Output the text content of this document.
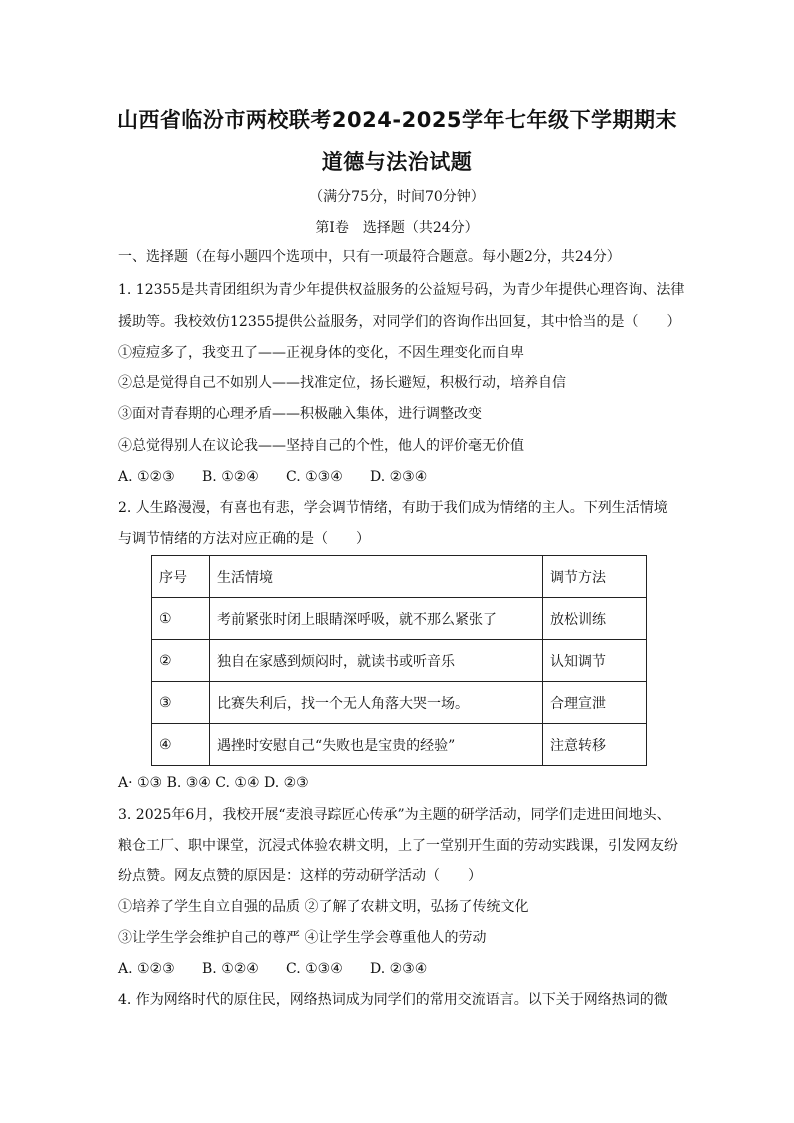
山西省临汾市两校联考2024-2025学年七年级下学期期末
道德与法治试题
（满分75分，时间70分钟）
第Ⅰ卷　选择题（共24分）
一、选择题（在每小题四个选项中，只有一项最符合题意。每小题2分，共24分）
1. 12355是共青团组织为青少年提供权益服务的公益短号码，为青少年提供心理咨询、法律
援助等。我校效仿12355提供公益服务，对同学们的咨询作出回复，其中恰当的是（　　）
①痘痘多了，我变丑了——正视身体的变化，不因生理变化而自卑
②总是觉得自己不如别人——找准定位，扬长避短，积极行动，培养自信
③面对青春期的心理矛盾——积极融入集体，进行调整改变
④总觉得别人在议论我——坚持自己的个性，他人的评价毫无价值
A. ①②③ B. ①②④ C. ①③④ D. ②③④
2. 人生路漫漫，有喜也有悲，学会调节情绪，有助于我们成为情绪的主人。下列生活情境
与调节情绪的方法对应正确的是（　　）
序号	生活情境	调节方法
①	考前紧张时闭上眼睛深呼吸，就不那么紧张了	放松训练
②	独自在家感到烦闷时，就读书或听音乐	认知调节
③	比赛失利后，找一个无人角落大哭一场。	合理宣泄
④	遇挫时安慰自己“失败也是宝贵的经验”	注意转移
A· ①③ B. ③④ C. ①④ D. ②③
3. 2025年6月，我校开展“麦浪寻踪匠心传承”为主题的研学活动，同学们走进田间地头、
粮仓工厂、职中课堂，沉浸式体验农耕文明，上了一堂别开生面的劳动实践课，引发网友纷
纷点赞。网友点赞的原因是：这样的劳动研学活动（　　）
①培养了学生自立自强的品质 ②了解了农耕文明，弘扬了传统文化
③让学生学会维护自己的尊严 ④让学生学会尊重他人的劳动
A. ①②③ B. ①②④ C. ①③④ D. ②③④
4. 作为网络时代的原住民，网络热词成为同学们的常用交流语言。以下关于网络热词的微
